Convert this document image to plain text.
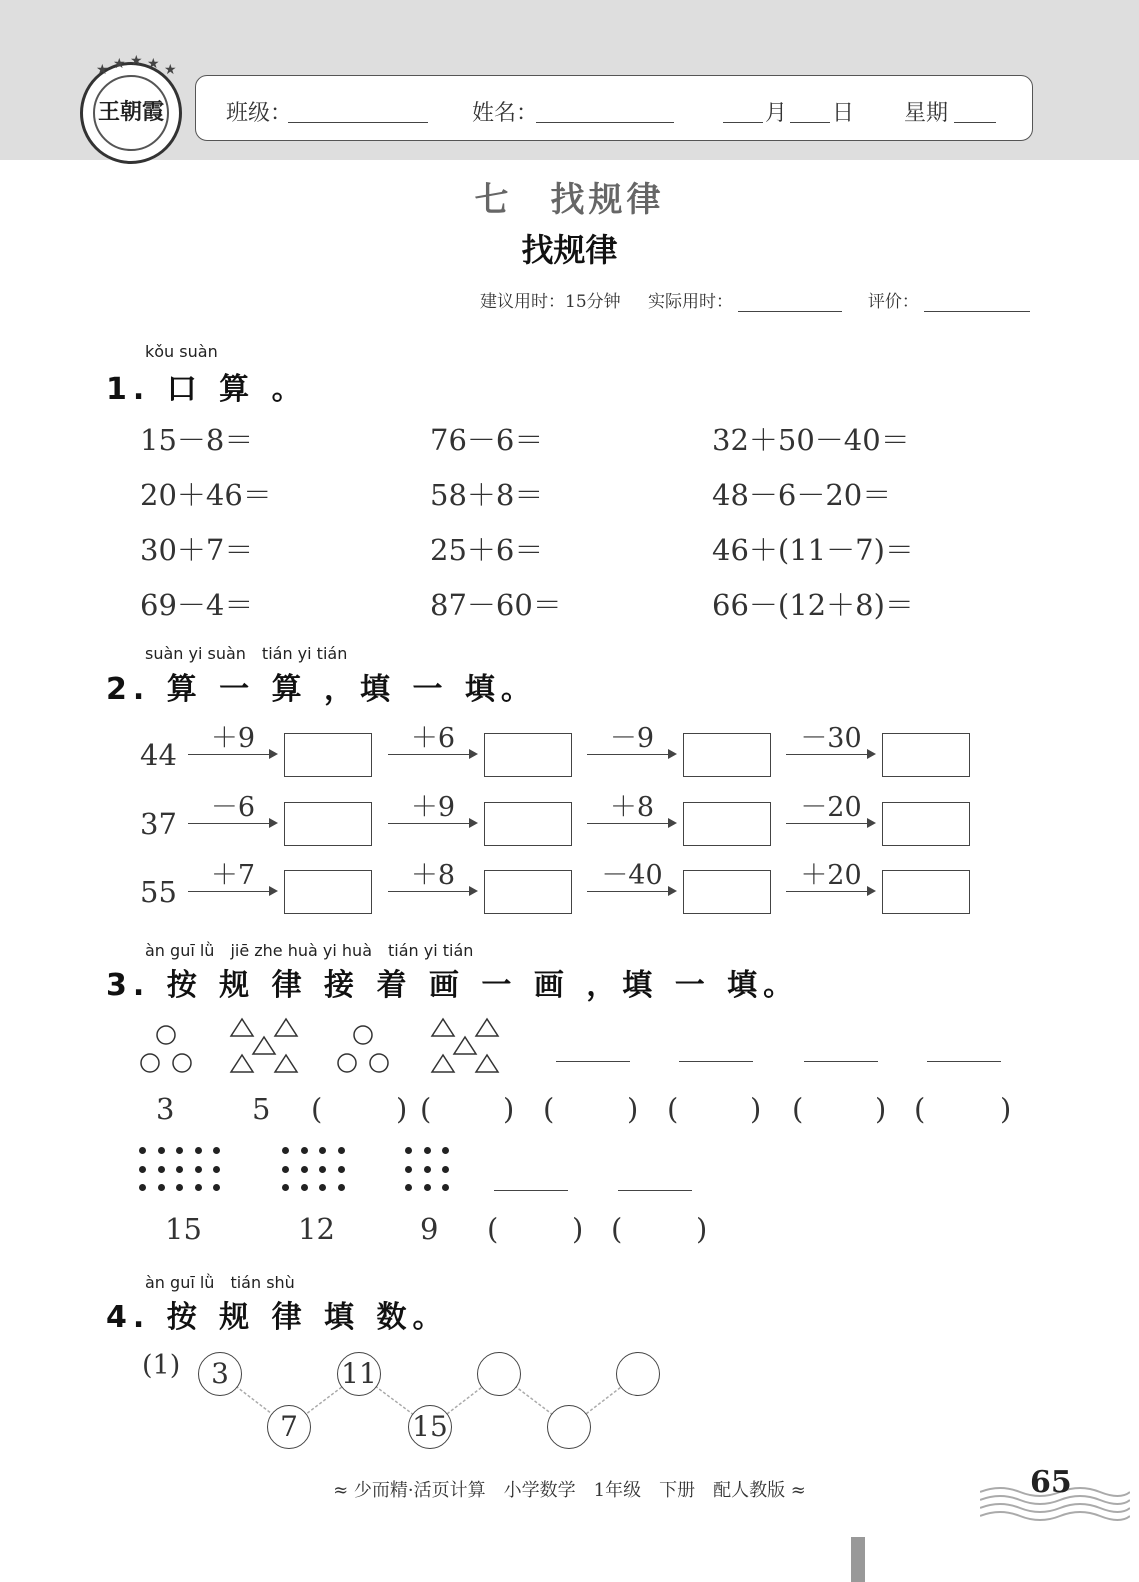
王朝霞
★ ★ ★ ★ ★
班级：	姓名：	月 日 星期
七　找规律
找规律
建议用时：15分钟 实际用时：	评价：
kǒu suàn
1. 口 算 。
15－8＝	76－6＝	32＋50－40＝
20＋46＝	58＋8＝	48－6－20＝
30＋7＝	25＋6＝	46＋(11－7)＝
69－4＝	87－60＝	66－(12＋8)＝
suàn yi suàn　tián yi tián
2. 算 一 算 ，填 一 填。
44	＋9	＋6	－9	－30
37	－6	＋9	＋8	－20
55	＋7	＋8	－40	＋20
àn guī lǜ　jiē zhe huà yi huà　tián yi tián
3. 按 规 律 接 着 画 一 画 ，填 一 填。
3	5 (	) ( ) (	) ( ) ( ) (	)
15	12	9 (	) (	)
àn guī lǜ　tián shù
4. 按 规 律 填 数。
(1)	3
7
11
15
≈ 少而精·活页计算　小学数学　1年级　下册　配人教版 ≈	65
